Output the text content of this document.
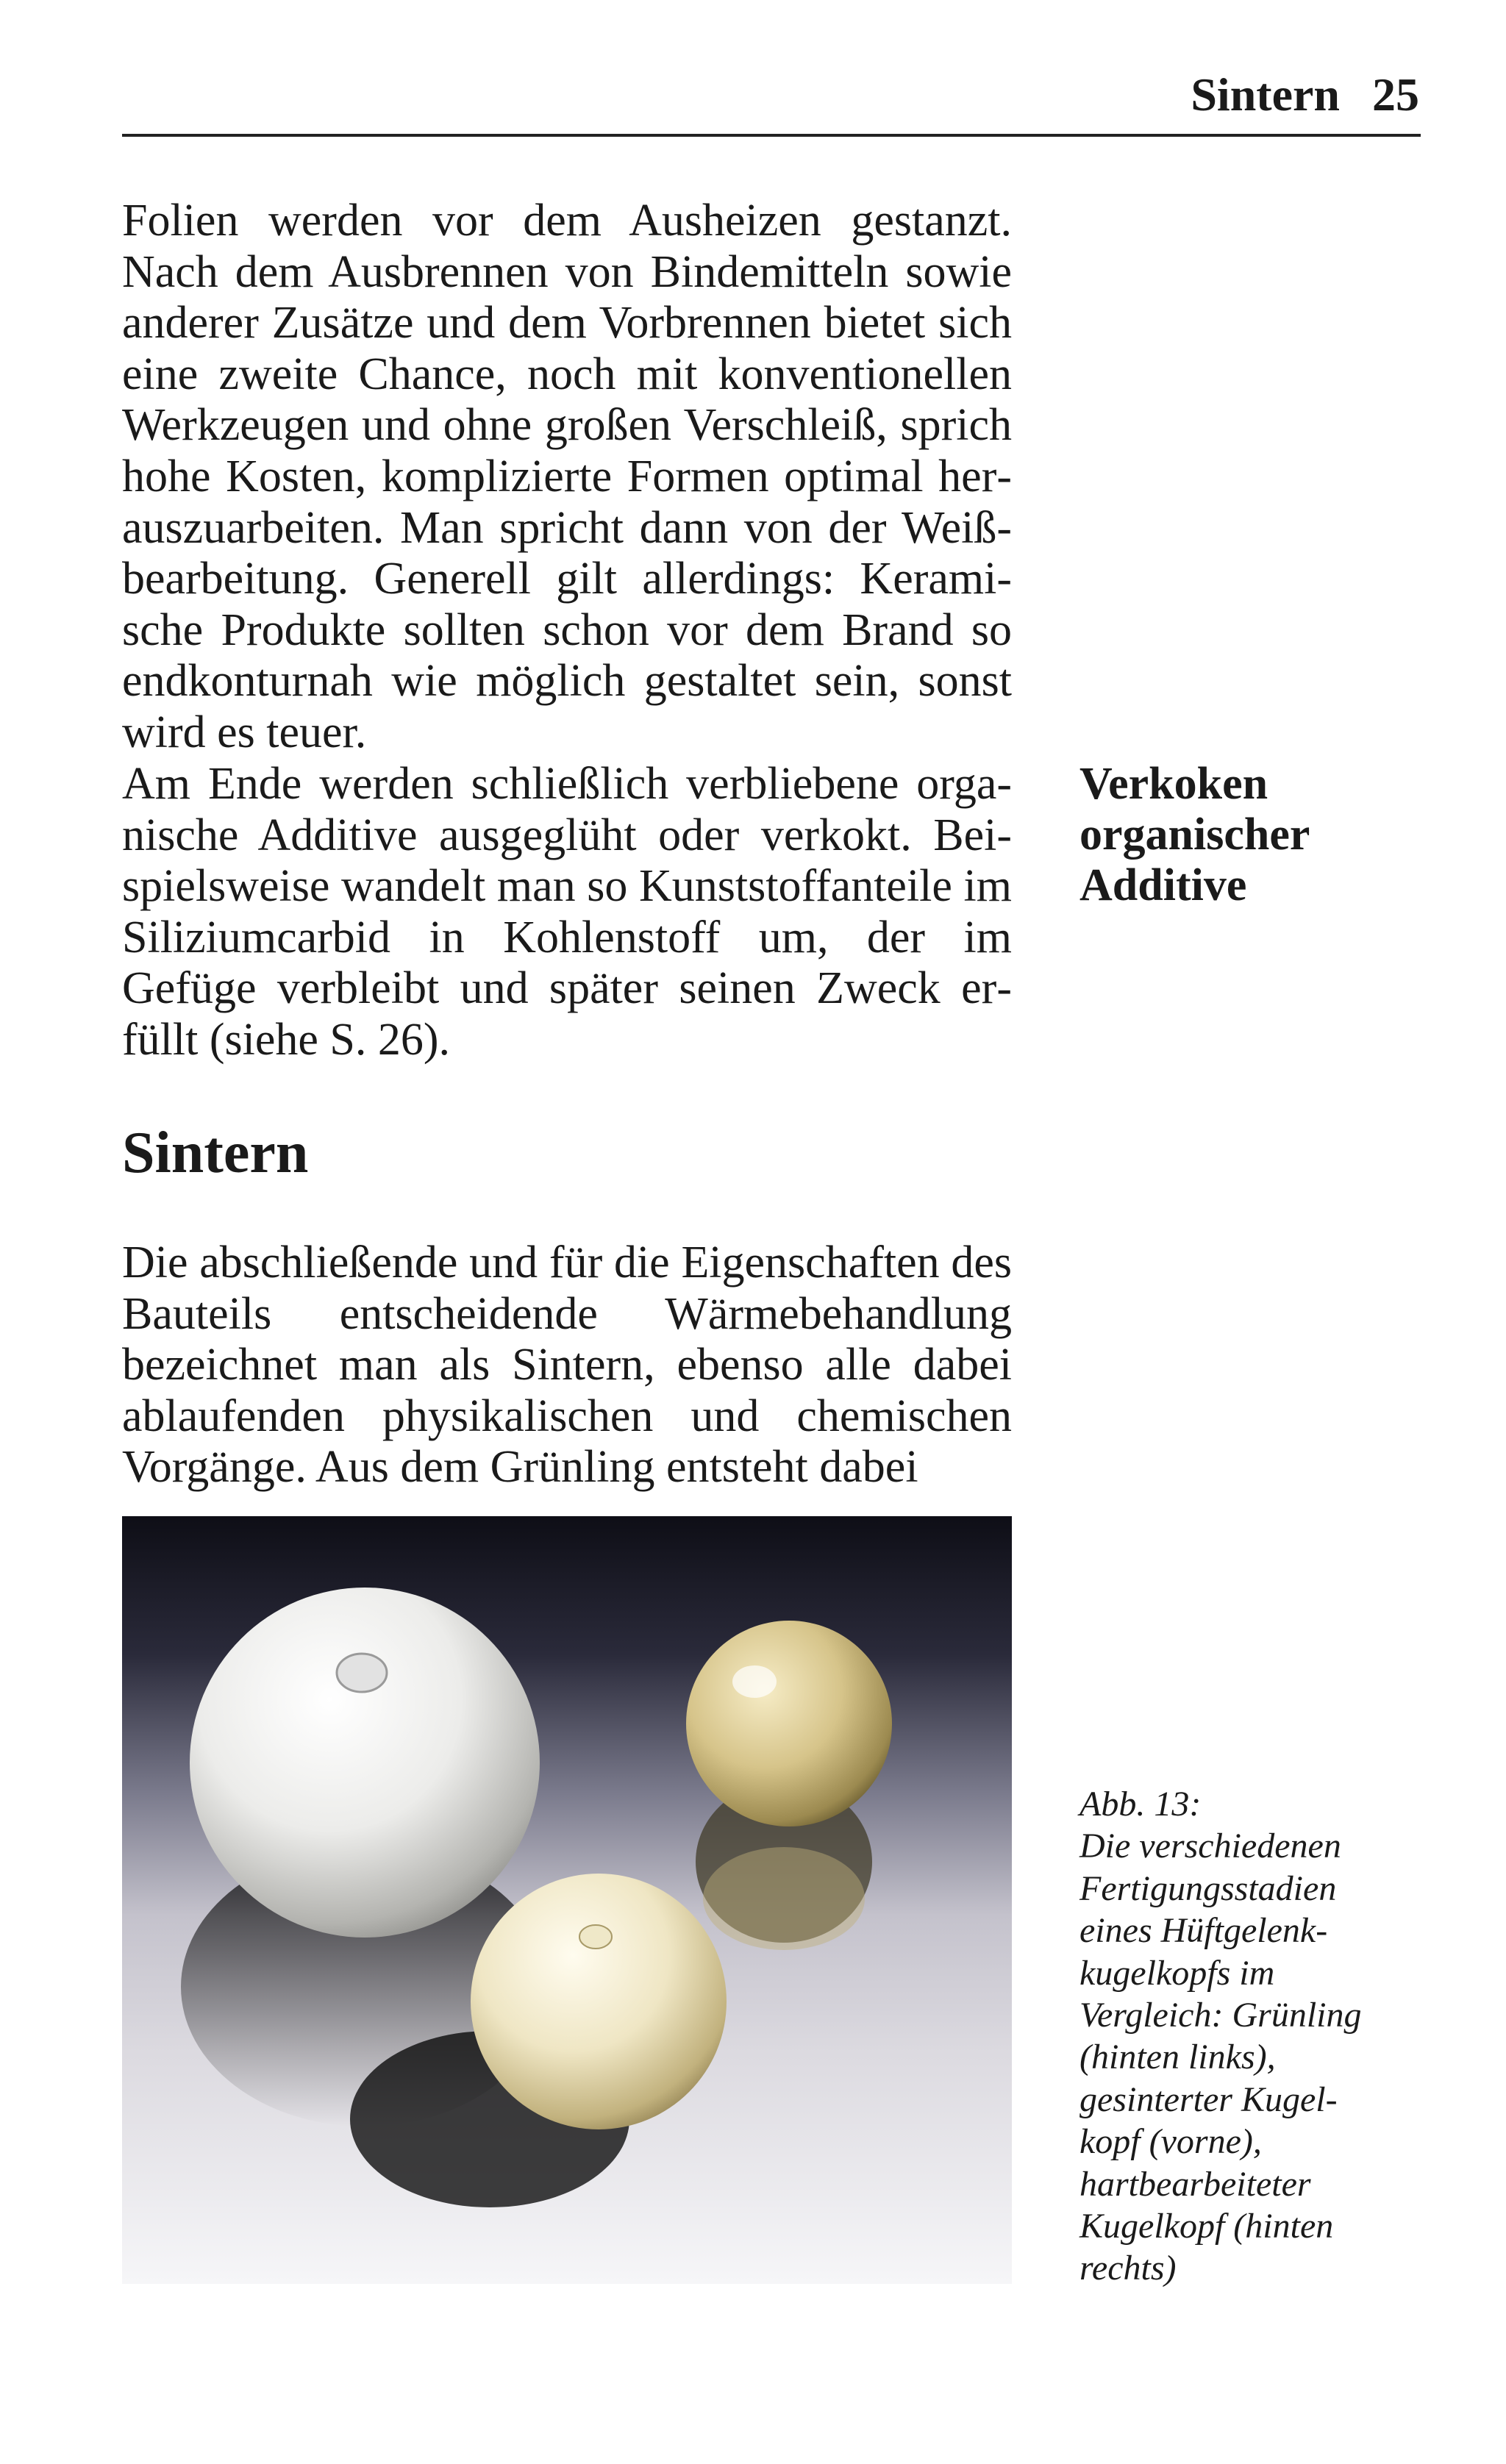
Sintern 25

Folien werden vor dem Ausheizen gestanzt. Nach dem Ausbrennen von Bindemitteln sowie anderer Zusätze und dem Vorbrennen bietet sich eine zweite Chance, noch mit konventionellen Werkzeugen und ohne großen Verschleiß, sprich hohe Kosten, komplizierte Formen optimal herauszuarbeiten. Man spricht dann von der Weißbearbeitung. Generell gilt allerdings: Keramische Produkte sollten schon vor dem Brand so endkonturnah wie möglich gestaltet sein, sonst wird es teuer.

Am Ende werden schließlich verbliebene organische Additive ausgeglüht oder verkokt. Beispielsweise wandelt man so Kunststoffanteile im Siliziumcarbid in Kohlenstoff um, der im Gefüge verbleibt und später seinen Zweck erfüllt (siehe S. 26).

Verkoken
organischer
Additive
Sintern

Die abschließende und für die Eigenschaften des Bauteils entscheidende Wärmebehandlung bezeichnet man als Sintern, ebenso alle dabei ablaufenden physikalischen und chemischen Vorgänge. Aus dem Grünling entsteht dabei

Abb. 13:
Die verschiedenen
Fertigungsstadien
eines Hüftgelenk-
kugelkopfs im
Vergleich: Grünling
(hinten links),
gesinterter Kugel-
kopf (vorne),
hartbearbeiteter
Kugelkopf (hinten
rechts)
